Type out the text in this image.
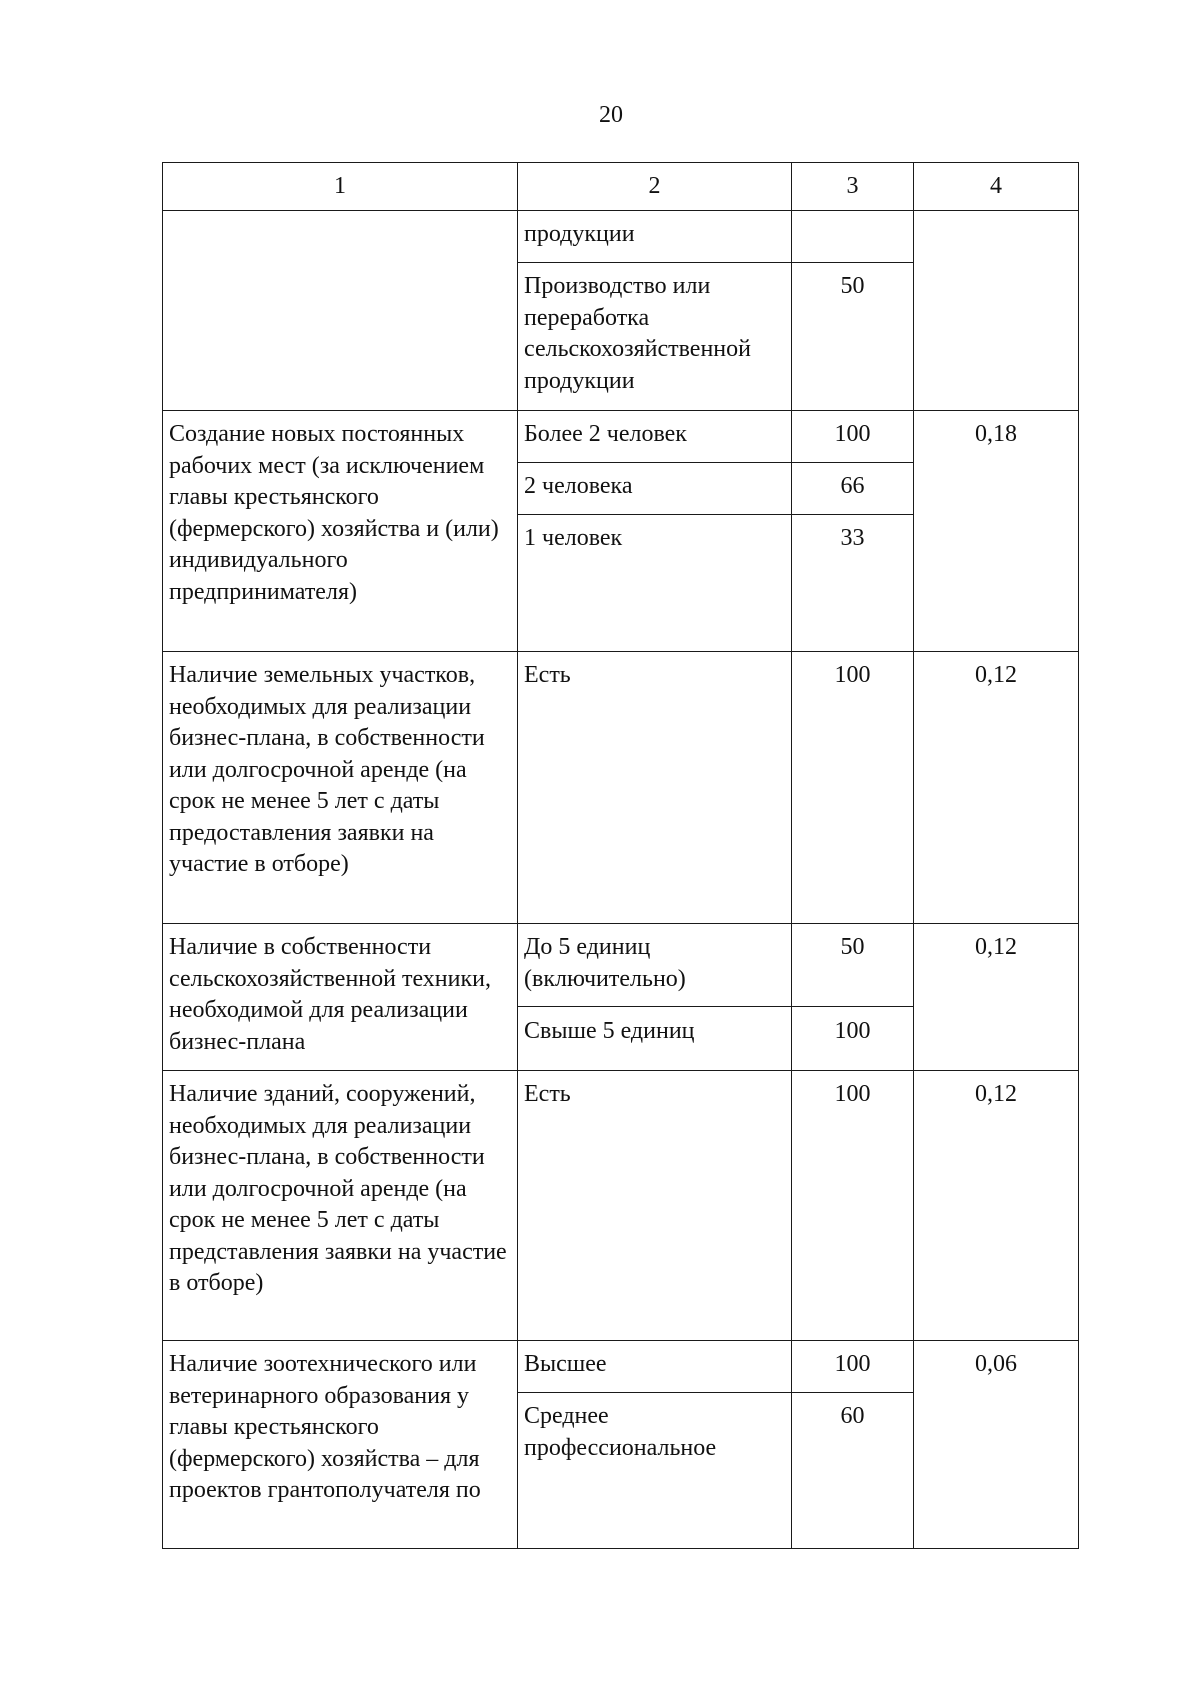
20
1	2	3	4
	продукции		
	Производство или переработка сельскохозяйственной продукции	50	
Создание новых постоянных рабочих мест (за исключением главы крестьянского (фермерского) хозяйства и (или) индивидуального предпринимателя)	Более 2 человек	100	0,18
	2 человека	66	
	1 человек	33	
Наличие земельных участков, необходимых для реализации бизнес-плана, в собственности или долгосрочной аренде (на срок не менее 5 лет с даты предоставления заявки на участие в отборе)	Есть	100	0,12
Наличие в собственности сельскохозяйственной техники, необходимой для реализации бизнес-плана	До 5 единиц (включительно)	50	0,12
	Свыше 5 единиц	100	
Наличие зданий, сооружений, необходимых для реализации бизнес-плана, в собственности или долгосрочной аренде (на срок не менее 5 лет с даты представления заявки на участие в отборе)	Есть	100	0,12
Наличие зоотехнического или ветеринарного образования у главы крестьянского (фермерского) хозяйства – для проектов грантополучателя по	Высшее	100	0,06
	Среднее профессиональное	60	
